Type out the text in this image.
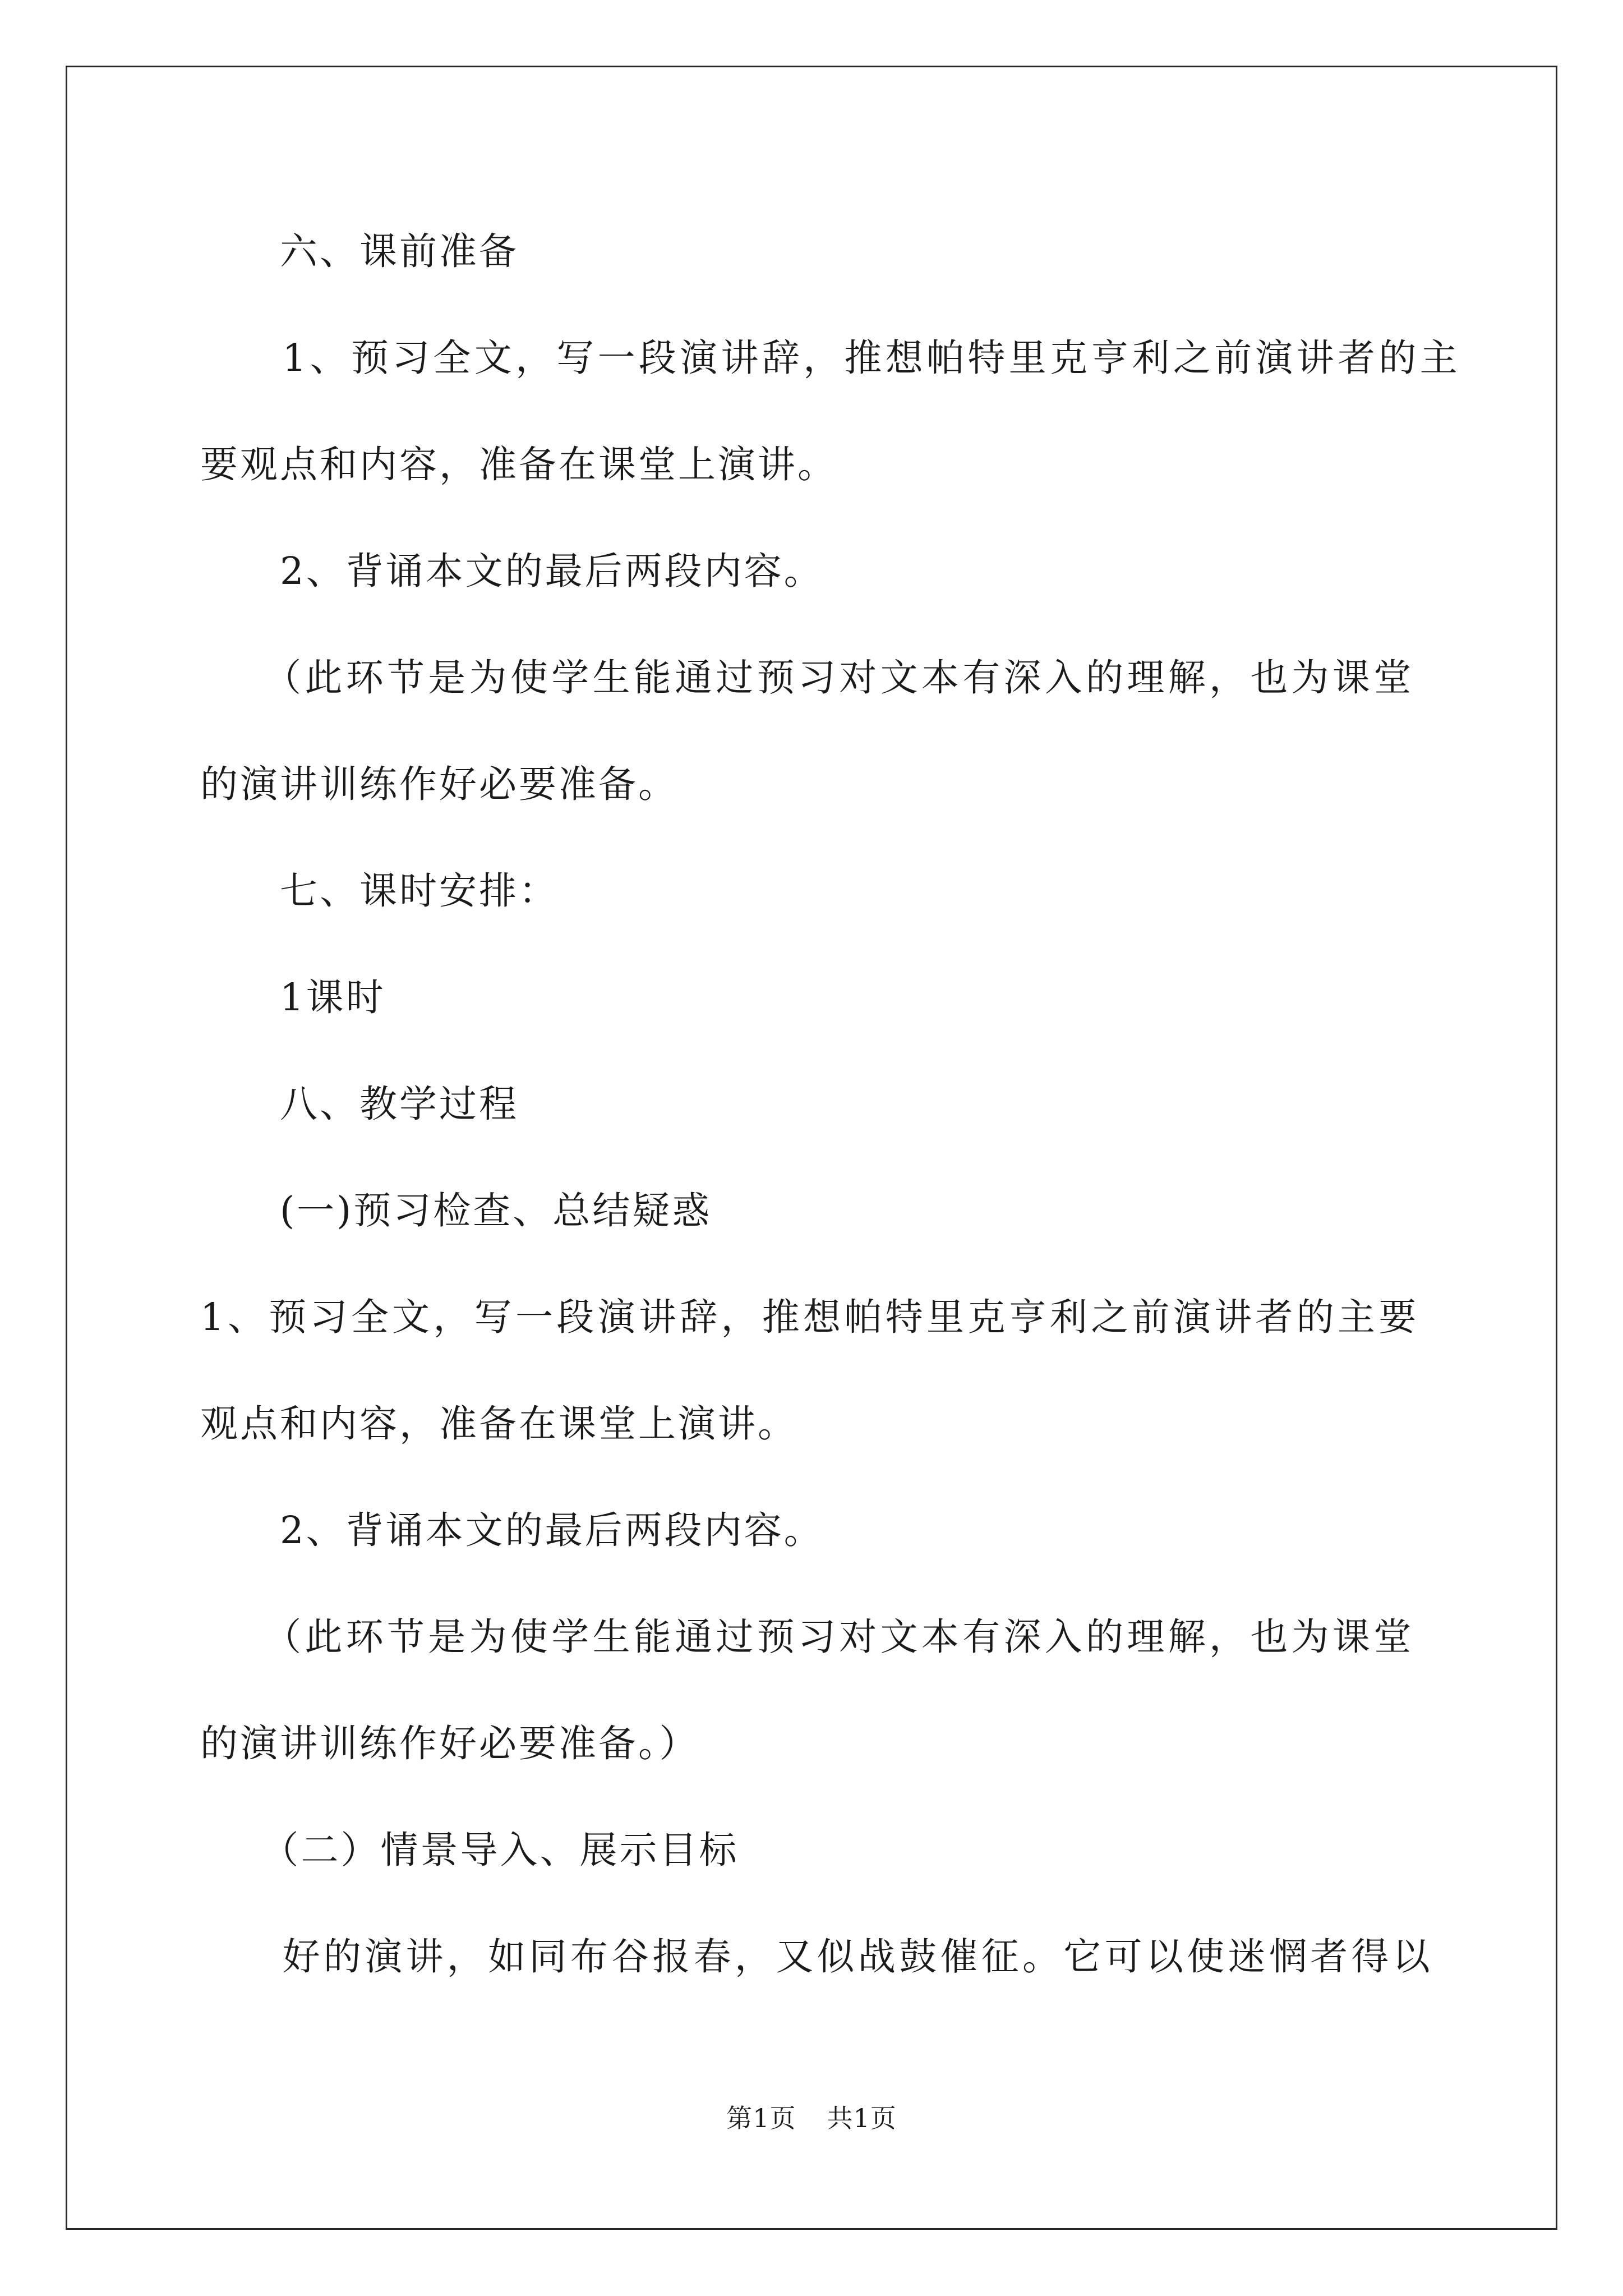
　　六、课前准备
　　1、预习全文，写一段演讲辞，推想帕特里克亨利之前演讲者的主
要观点和内容，准备在课堂上演讲。
　　2、背诵本文的最后两段内容。
　　（此环节是为使学生能通过预习对文本有深入的理解，也为课堂
的演讲训练作好必要准备。
　　七、课时安排：
　　1课时
　　八、教学过程
　　(一)预习检查、总结疑惑
1、预习全文，写一段演讲辞，推想帕特里克亨利之前演讲者的主要
观点和内容，准备在课堂上演讲。
　　2、背诵本文的最后两段内容。
　　（此环节是为使学生能通过预习对文本有深入的理解，也为课堂
的演讲训练作好必要准备。）
　　（二）情景导入、展示目标
　　好的演讲，如同布谷报春，又似战鼓催征。它可以使迷惘者得以
第1页 共1页
